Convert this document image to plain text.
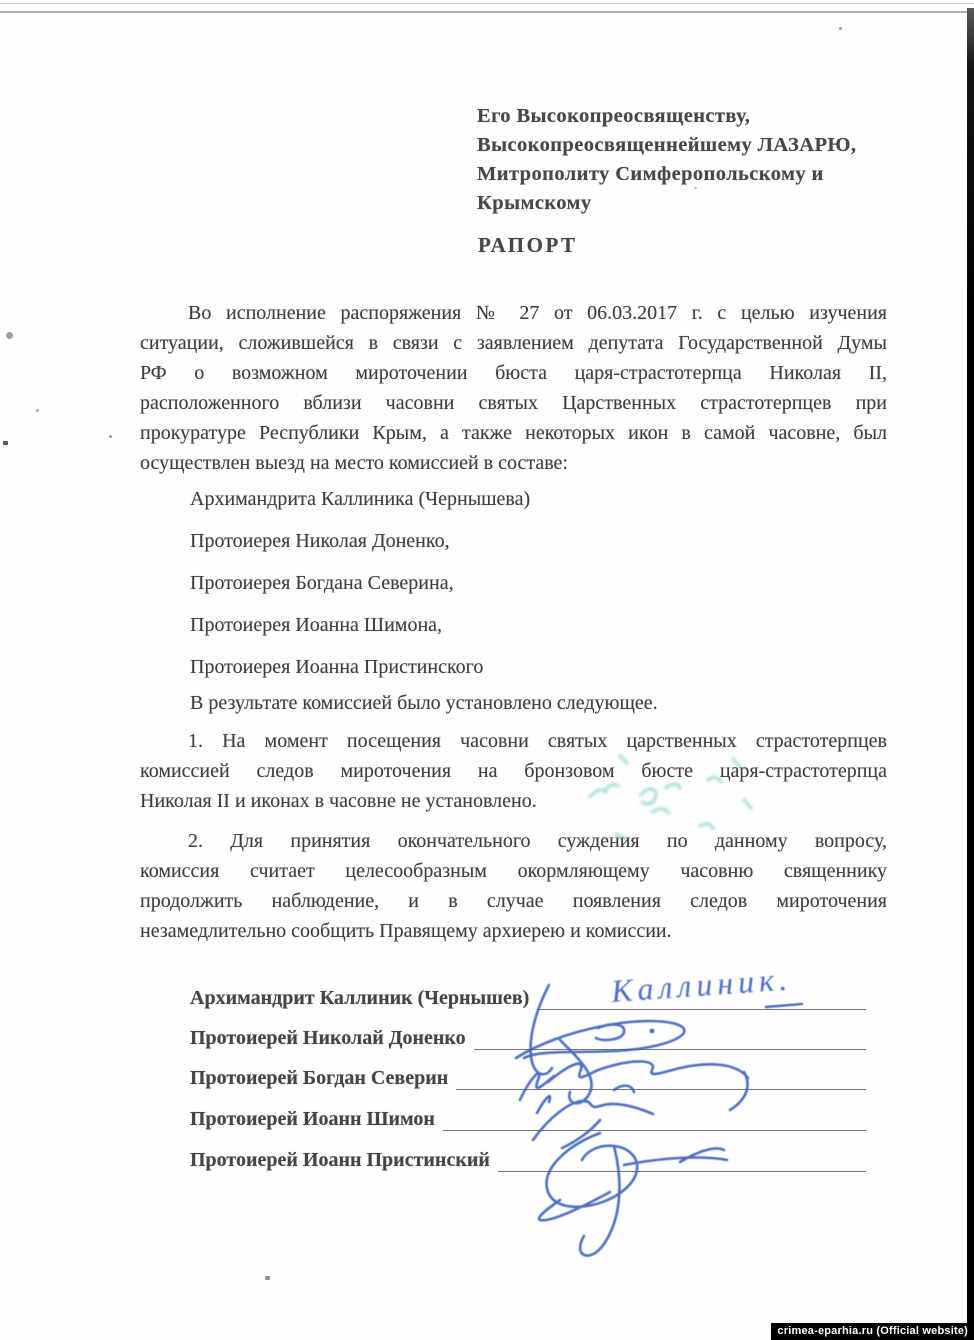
Его Высокопреосвященству,
Высокопреосвященнейшему ЛАЗАРЮ,
Митрополиту Симферопольскому и
Крымскому
РАПОРТ
Во исполнение распоряжения № 27 от 06.03.2017 г. с целью изучения
ситуации, сложившейся в связи с заявлением депутата Государственной Думы
РФ о возможном мироточении бюста царя-страстотерпца Николая II,
расположенного вблизи часовни святых Царственных страстотерпцев при
прокуратуре Республики Крым, а также некоторых икон в самой часовне, был
осуществлен выезд на место комиссией в составе:
Архимандрита Каллиника (Чернышева)
Протоиерея Николая Доненко,
Протоиерея Богдана Северина,
Протоиерея Иоанна Шимона,
Протоиерея Иоанна Пристинского
В результате комиссией было установлено следующее.
1. На момент посещения часовни святых царственных страстотерпцев
комиссией следов мироточения на бронзовом бюсте царя-страстотерпца
Николая II и иконах в часовне не установлено.
2. Для принятия окончательного суждения по данному вопросу,
комиссия считает целесообразным окормляющему часовню священнику
продолжить наблюдение, и в случае появления следов мироточения
незамедлительно сообщить Правящему архиерею и комиссии.
Архимандрит Каллиник (Чернышев)
Протоиерей Николай Доненко
Протоиерей Богдан Северин
Протоиерей Иоанн Шимон
Протоиерей Иоанн Пристинский
Каллиник.
crimea-eparhia.ru (Official website)
